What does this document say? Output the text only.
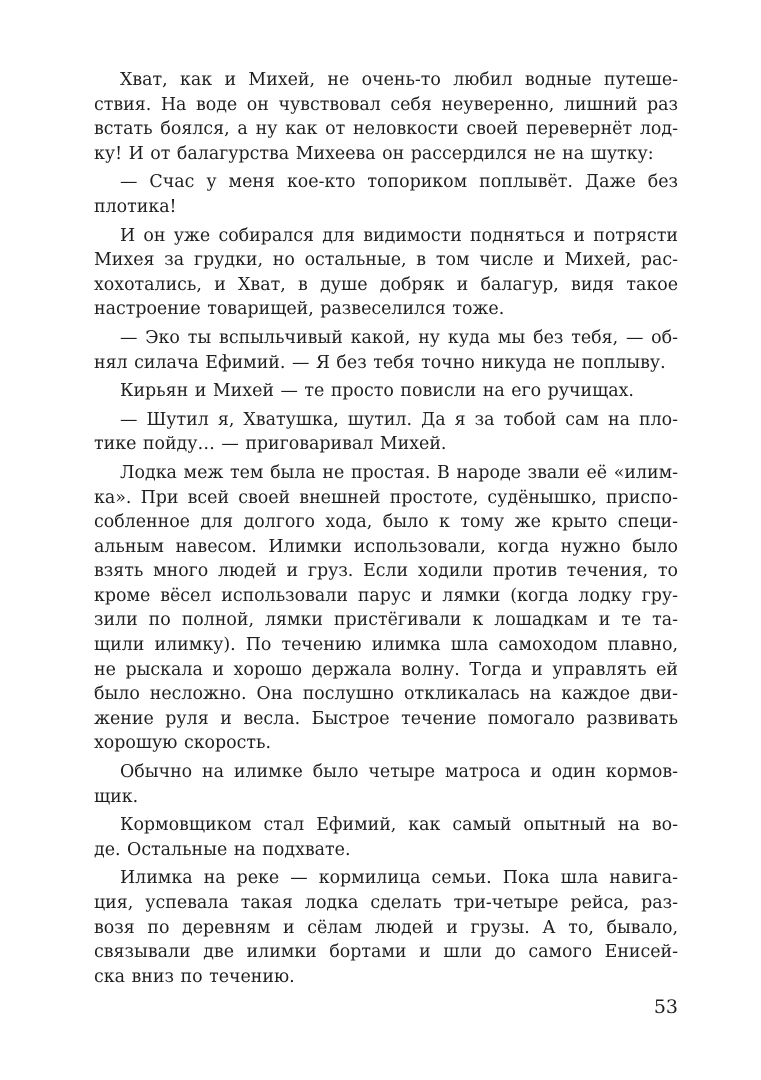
Хват, как и Михей, не очень-то любил водные путеше-
ствия. На воде он чувствовал себя неуверенно, лишний раз
встать боялся, а ну как от неловкости своей перевернёт лод-
ку! И от балагурства Михеева он рассердился не на шутку:
— Счас у меня кое-кто топориком поплывёт. Даже без
плотика!
И он уже собирался для видимости подняться и потрясти
Михея за грудки, но остальные, в том числе и Михей, рас-
хохотались, и Хват, в душе добряк и балагур, видя такое
настроение товарищей, развеселился тоже.
— Эко ты вспыльчивый какой, ну куда мы без тебя, — об-
нял силача Ефимий. — Я без тебя точно никуда не поплыву.
Кирьян и Михей — те просто повисли на его ручищах.
— Шутил я, Хватушка, шутил. Да я за тобой сам на пло-
тике пойду… — приговаривал Михей.
Лодка меж тем была не простая. В народе звали её «илим-
ка». При всей своей внешней простоте, судёнышко, приспо-
собленное для долгого хода, было к тому же крыто специ-
альным навесом. Илимки использовали, когда нужно было
взять много людей и груз. Если ходили против течения, то
кроме вёсел использовали парус и лямки (когда лодку гру-
зили по полной, лямки пристёгивали к лошадкам и те та-
щили илимку). По течению илимка шла самоходом плавно,
не рыскала и хорошо держала волну. Тогда и управлять ей
было несложно. Она послушно откликалась на каждое дви-
жение руля и весла. Быстрое течение помогало развивать
хорошую скорость.
Обычно на илимке было четыре матроса и один кормов-
щик.
Кормовщиком стал Ефимий, как самый опытный на во-
де. Остальные на подхвате.
Илимка на реке — кормилица семьи. Пока шла навига-
ция, успевала такая лодка сделать три-четыре рейса, раз-
возя по деревням и сёлам людей и грузы. А то, бывало,
связывали две илимки бортами и шли до самого Енисей-
ска вниз по течению.
53
